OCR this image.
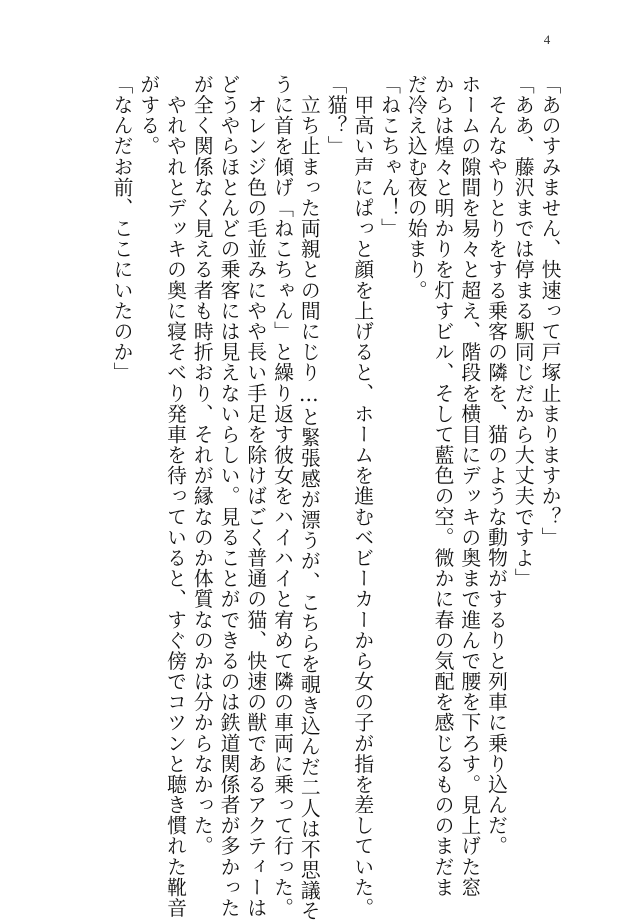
4
「あのすみません、快速って戸塚止まりますか？」
「ああ、藤沢までは停まる駅同じだから大丈夫ですよ」
　そんなやりとりをする乗客の隣を、猫のような動物がするりと列車に乗り込んだ。
ホームの隙間を易々と超え、階段を横目にデッキの奥まで進んで腰を下ろす。見上げた窓
からは煌々と明かりを灯すビル、そして藍色の空。微かに春の気配を感じるもののまだま
だ冷え込む夜の始まり。
「ねこちゃん！」
　甲高い声にぱっと顔を上げると、ホームを進むベビーカーから女の子が指を差していた。
「猫？」
　立ち止まった両親との間にじり…と緊張感が漂うが、こちらを覗き込んだ二人は不思議そ
うに首を傾げ「ねこちゃん」と繰り返す彼女をハイハイと宥めて隣の車両に乗って行った。
　オレンジ色の毛並みにやや長い手足を除けばごく普通の猫、快速の獣であるアクティーは
どうやらほとんどの乗客には見えないらしい。見ることができるのは鉄道関係者が多かった
が全く関係なく見える者も時折おり、それが縁なのか体質なのかは分からなかった。
　やれやれとデッキの奥に寝そべり発車を待っていると、すぐ傍でコツンと聴き慣れた靴音
がする。
「なんだお前、ここにいたのか」
